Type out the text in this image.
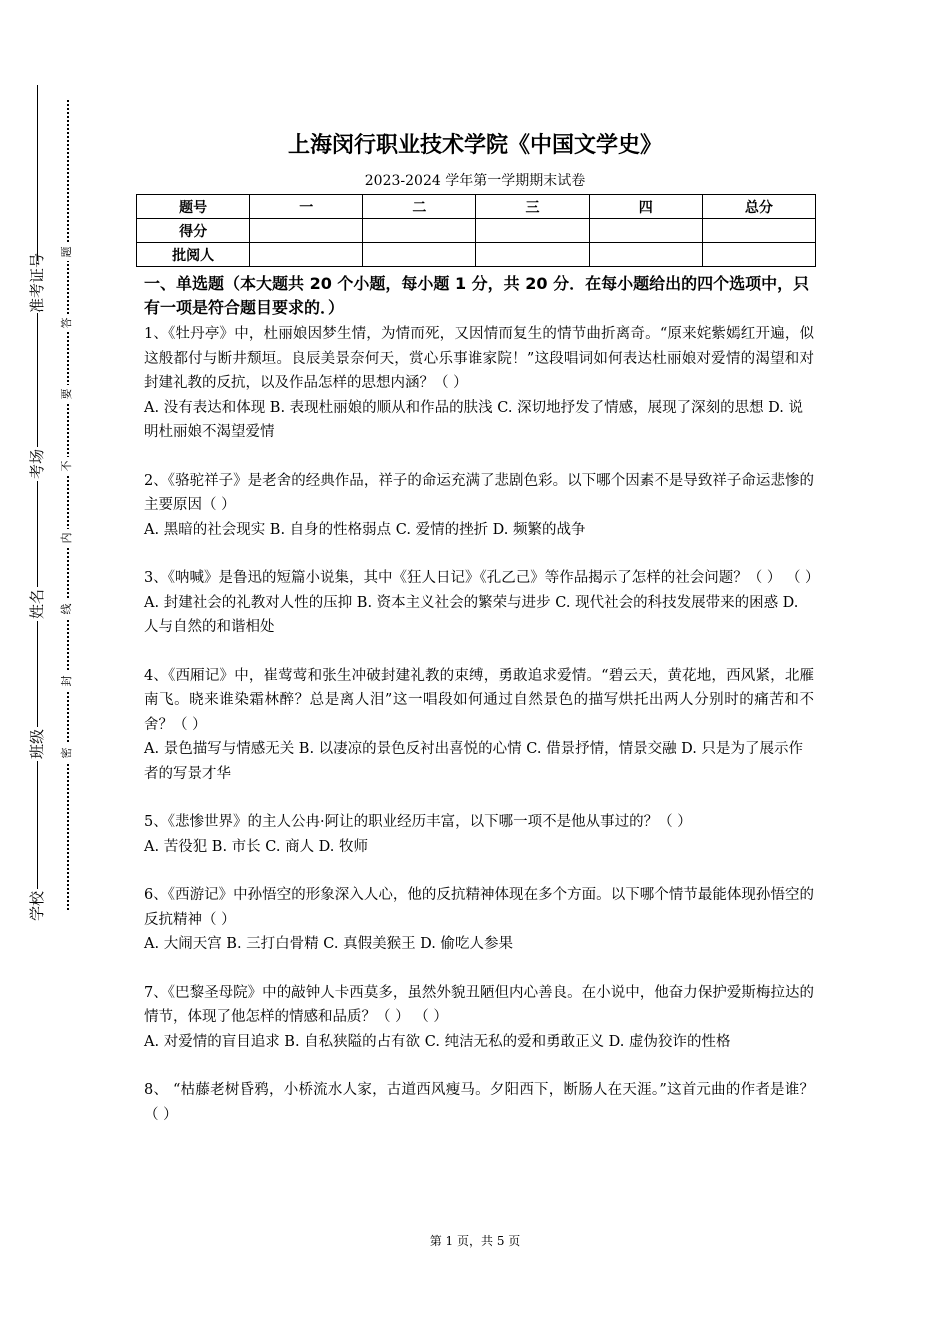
准考证号
考场
姓名
班级
学校
题
答
要
不
内
线
封
密
上海闵行职业技术学院《中国文学史》
2023-2024 学年第一学期期末试卷
题号	一	二	三	四	总分
得分					
批阅人					
一、单选题（本大题共 20 个小题，每小题 1 分，共 20 分．在每小题给出的四个选项中，只有一项是符合题目要求的．）

1、《牡丹亭》中，杜丽娘因梦生情，为情而死，又因情而复生的情节曲折离奇。“原来姹紫嫣红开遍，似这般都付与断井颓垣。良辰美景奈何天，赏心乐事谁家院！”这段唱词如何表达杜丽娘对爱情的渴望和对封建礼教的反抗，以及作品怎样的思想内涵？（ ）

A. 没有表达和体现 B. 表现杜丽娘的顺从和作品的肤浅 C. 深切地抒发了情感，展现了深刻的思想 D. 说明杜丽娘不渴望爱情

2、《骆驼祥子》是老舍的经典作品，祥子的命运充满了悲剧色彩。以下哪个因素不是导致祥子命运悲惨的主要原因（ ）

A. 黑暗的社会现实 B. 自身的性格弱点 C. 爱情的挫折 D. 频繁的战争

3、《呐喊》是鲁迅的短篇小说集，其中《狂人日记》《孔乙己》等作品揭示了怎样的社会问题？（ ） （ ）

A. 封建社会的礼教对人性的压抑 B. 资本主义社会的繁荣与进步 C. 现代社会的科技发展带来的困惑 D. 人与自然的和谐相处

4、《西厢记》中，崔莺莺和张生冲破封建礼教的束缚，勇敢追求爱情。“碧云天，黄花地，西风紧，北雁南飞。晓来谁染霜林醉？总是离人泪”这一唱段如何通过自然景色的描写烘托出两人分别时的痛苦和不舍？（ ）

A. 景色描写与情感无关 B. 以凄凉的景色反衬出喜悦的心情 C. 借景抒情，情景交融 D. 只是为了展示作者的写景才华

5、《悲惨世界》的主人公冉·阿让的职业经历丰富，以下哪一项不是他从事过的？（ ）

A. 苦役犯 B. 市长 C. 商人 D. 牧师

6、《西游记》中孙悟空的形象深入人心，他的反抗精神体现在多个方面。以下哪个情节最能体现孙悟空的反抗精神（ ）

A. 大闹天宫 B. 三打白骨精 C. 真假美猴王 D. 偷吃人参果

7、《巴黎圣母院》中的敲钟人卡西莫多，虽然外貌丑陋但内心善良。在小说中，他奋力保护爱斯梅拉达的情节，体现了他怎样的情感和品质？（ ） （ ）

A. 对爱情的盲目追求 B. 自私狭隘的占有欲 C. 纯洁无私的爱和勇敢正义 D. 虚伪狡诈的性格

8、 “枯藤老树昏鸦，小桥流水人家，古道西风瘦马。夕阳西下，断肠人在天涯。”这首元曲的作者是谁？（ ）

第 1 页，共 5 页
